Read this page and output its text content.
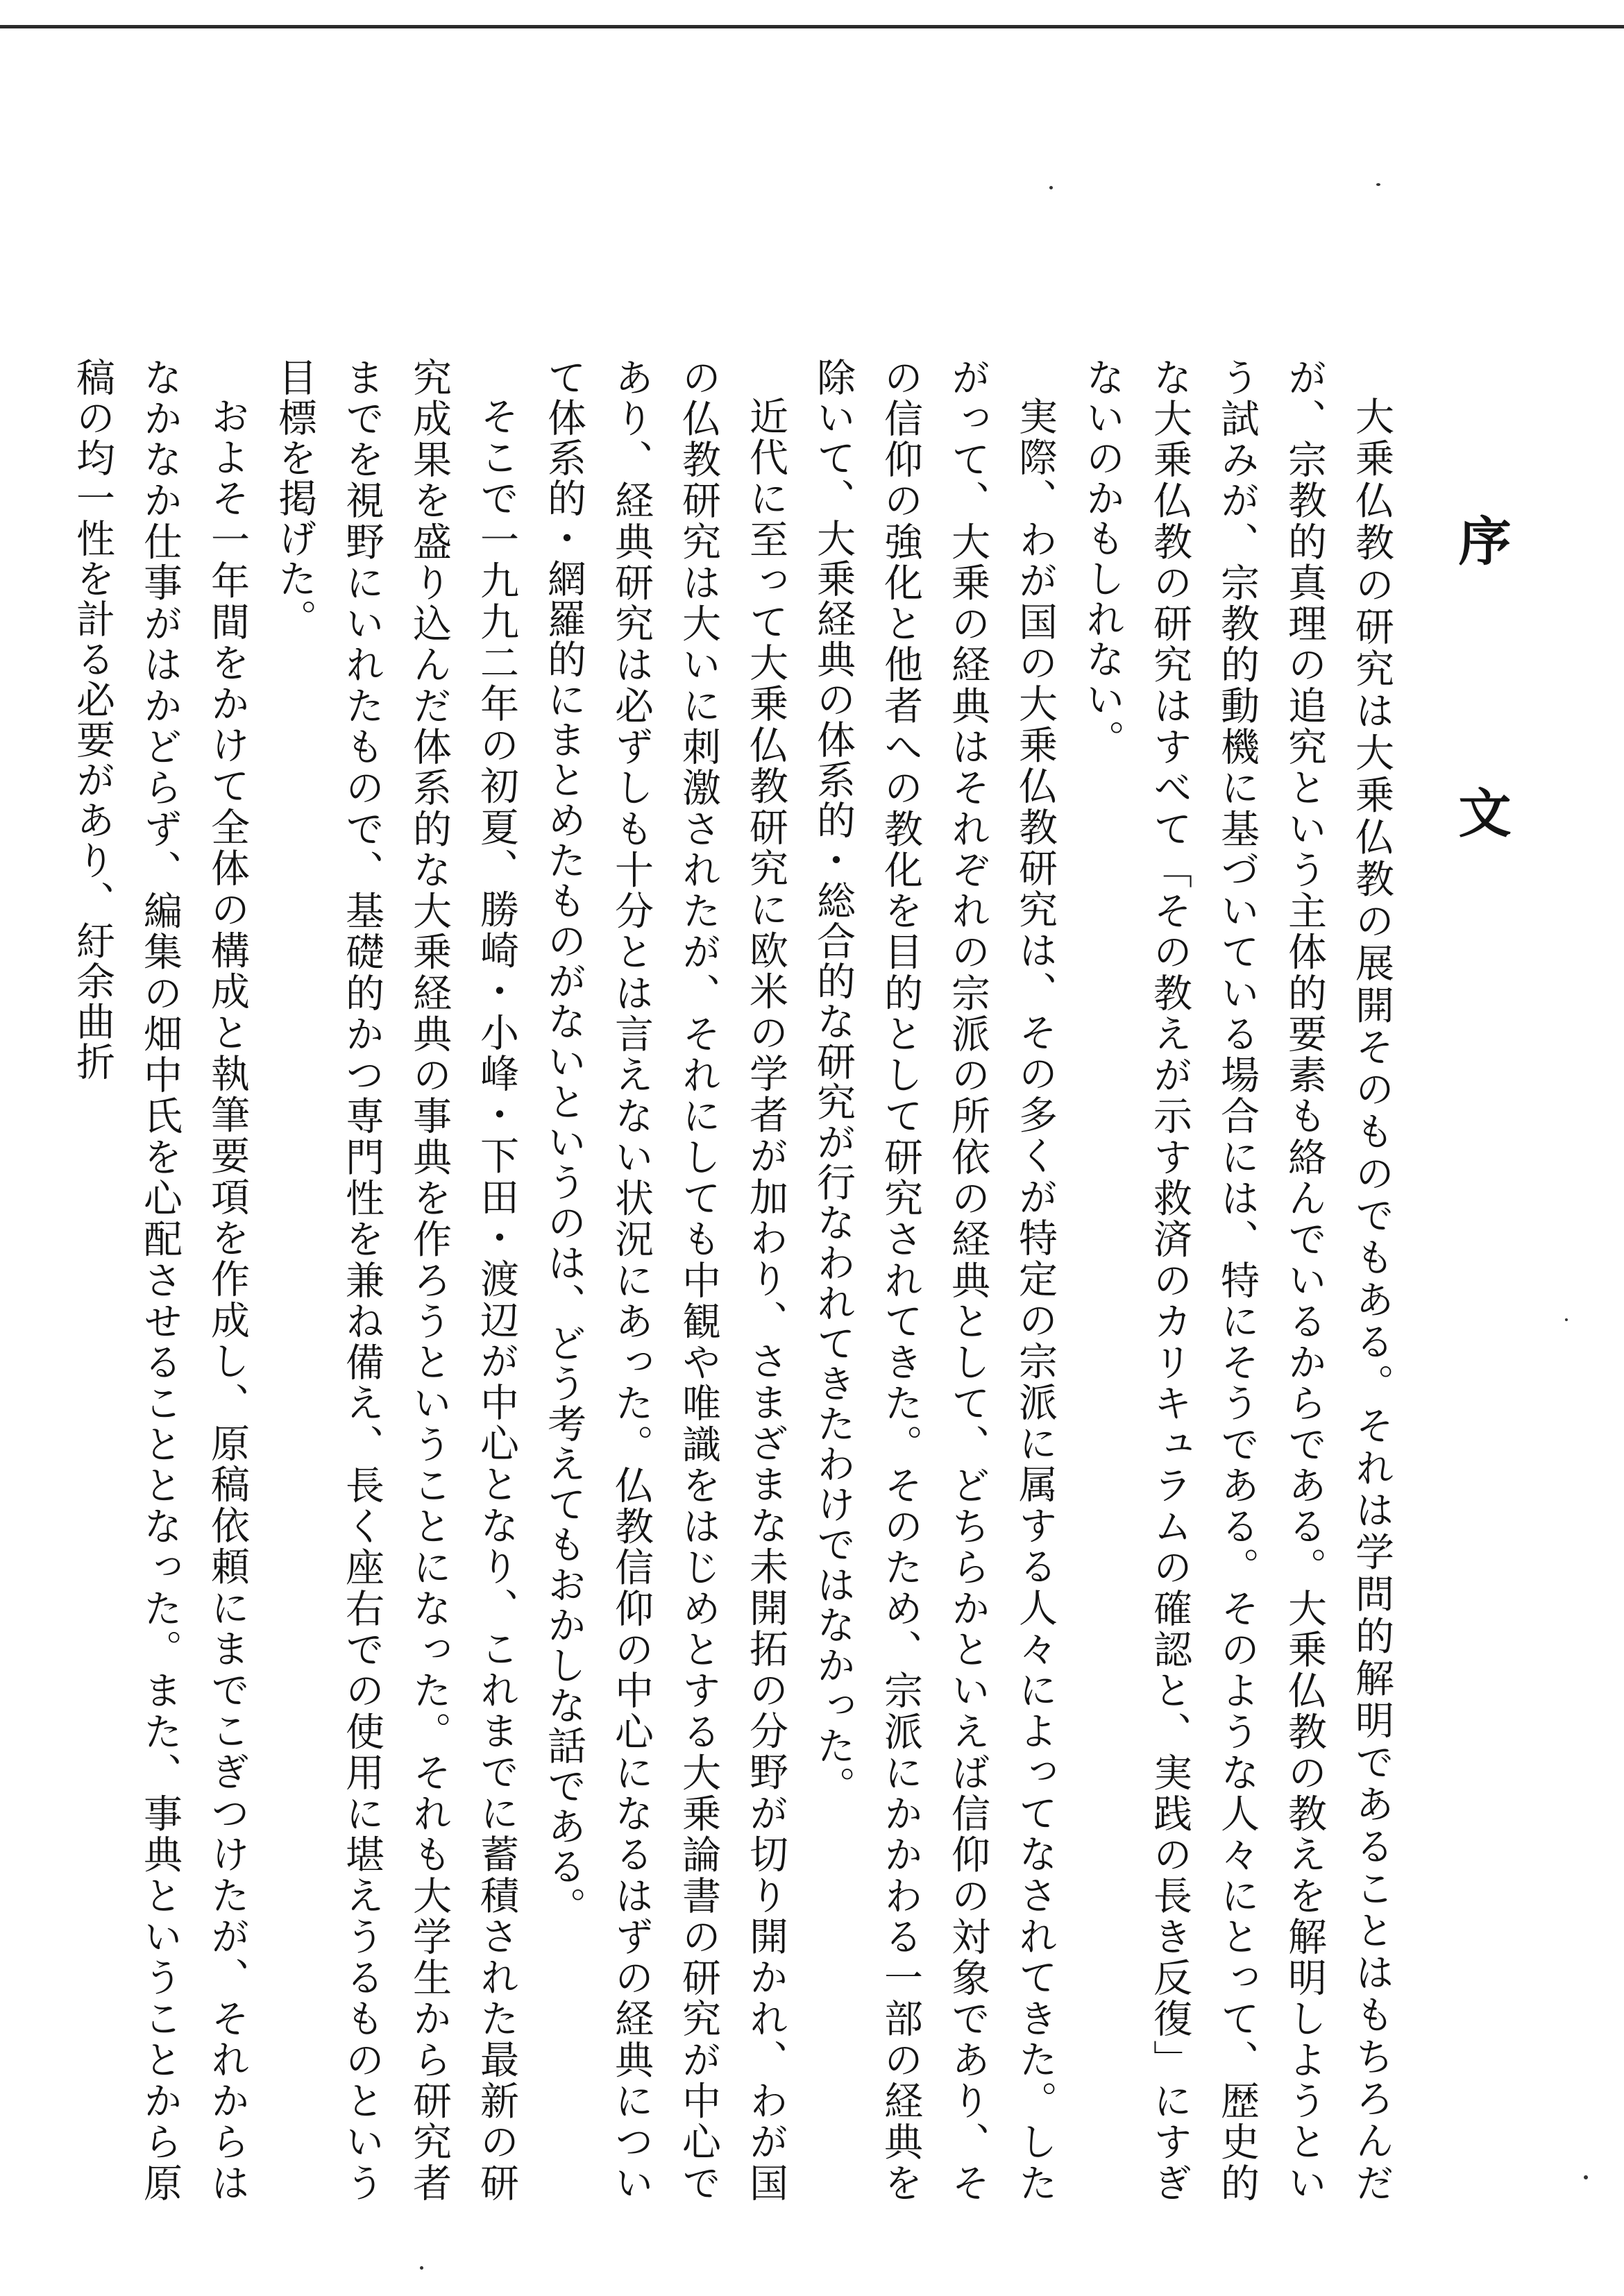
序　文

大乗仏教の研究は大乗仏教の展開そのものでもある。それは学問的解明であることはもちろんだが、宗教的真理の追究という主体的要素も絡んでいるからである。大乗仏教の教えを解明しようという試みが、宗教的動機に基づいている場合には、特にそうである。そのような人々にとって、歴史的な大乗仏教の研究はすべて「その教えが示す救済のカリキュラムの確認と、実践の長き反復」にすぎないのかもしれない。

実際、わが国の大乗仏教研究は、その多くが特定の宗派に属する人々によってなされてきた。したがって、大乗の経典はそれぞれの宗派の所依の経典として、どちらかといえば信仰の対象であり、その信仰の強化と他者への教化を目的として研究されてきた。そのため、宗派にかかわる一部の経典を除いて、大乗経典の体系的・総合的な研究が行なわれてきたわけではなかった。

近代に至って大乗仏教研究に欧米の学者が加わり、さまざまな未開拓の分野が切り開かれ、わが国の仏教研究は大いに刺激されたが、それにしても中観や唯識をはじめとする大乗論書の研究が中心であり、経典研究は必ずしも十分とは言えない状況にあった。仏教信仰の中心になるはずの経典について体系的・網羅的にまとめたものがないというのは、どう考えてもおかしな話である。

そこで一九九二年の初夏、勝崎・小峰・下田・渡辺が中心となり、これまでに蓄積された最新の研究成果を盛り込んだ体系的な大乗経典の事典を作ろうということになった。それも大学生から研究者までを視野にいれたもので、基礎的かつ専門性を兼ね備え、長く座右での使用に堪えうるものという目標を掲げた。

およそ一年間をかけて全体の構成と執筆要項を作成し、原稿依頼にまでこぎつけたが、それからはなかなか仕事がはかどらず、編集の畑中氏を心配させることとなった。また、事典ということから原稿の均一性を計る必要があり、紆余曲折
